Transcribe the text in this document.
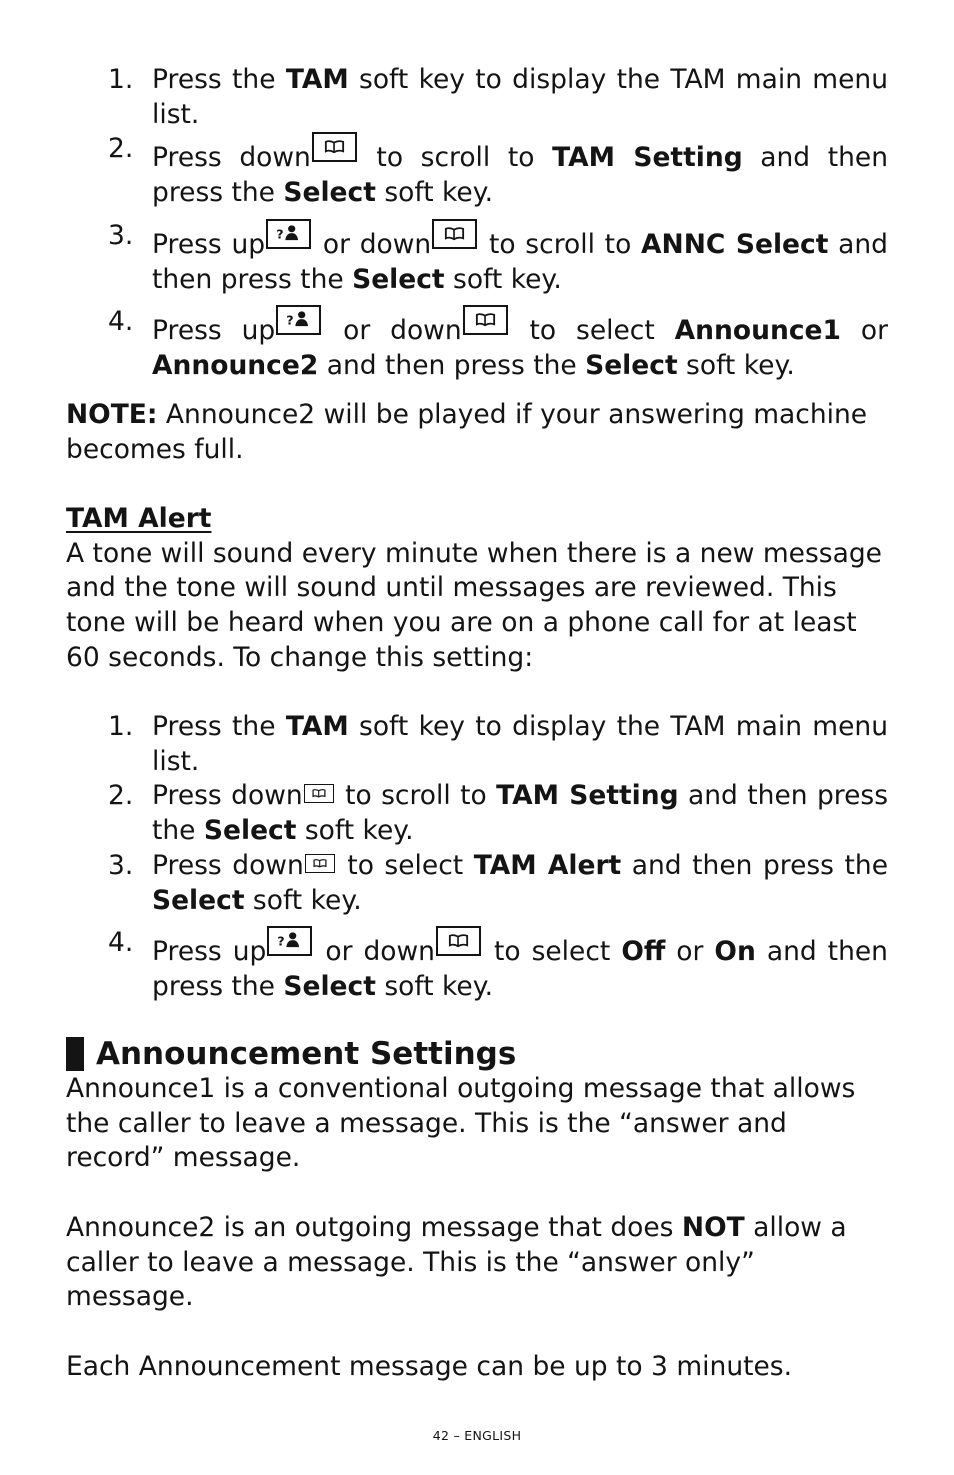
1. Press the TAM soft key to display the TAM main menu list.
2. Press down
to scroll to TAM Setting and then press the Select soft key.
3. Press up ? or down
to scroll to ANNC Select and then press the Select soft key.
4. Press up ? or down
to select Announce1 or Announce2 and then press the Select soft key.

NOTE: Announce2 will be played if your answering machine becomes full.

TAM Alert
A tone will sound every minute when there is a new message and the tone will sound until messages are reviewed. This tone will be heard when you are on a phone call for at least 60 seconds. To change this setting:

1. Press the TAM soft key to display the TAM main menu list.
2. Press down
to scroll to TAM Setting and then press the Select soft key.
3. Press down
to select TAM Alert and then press the Select soft key.
4. Press up ? or down
to select Off or On and then press the Select soft key.
Announcement Settings

Announce1 is a conventional outgoing message that allows the caller to leave a message. This is the “answer and record” message.

Announce2 is an outgoing message that does NOT allow a caller to leave a message. This is the “answer only” message.

Each Announcement message can be up to 3 minutes.

42 – ENGLISH
